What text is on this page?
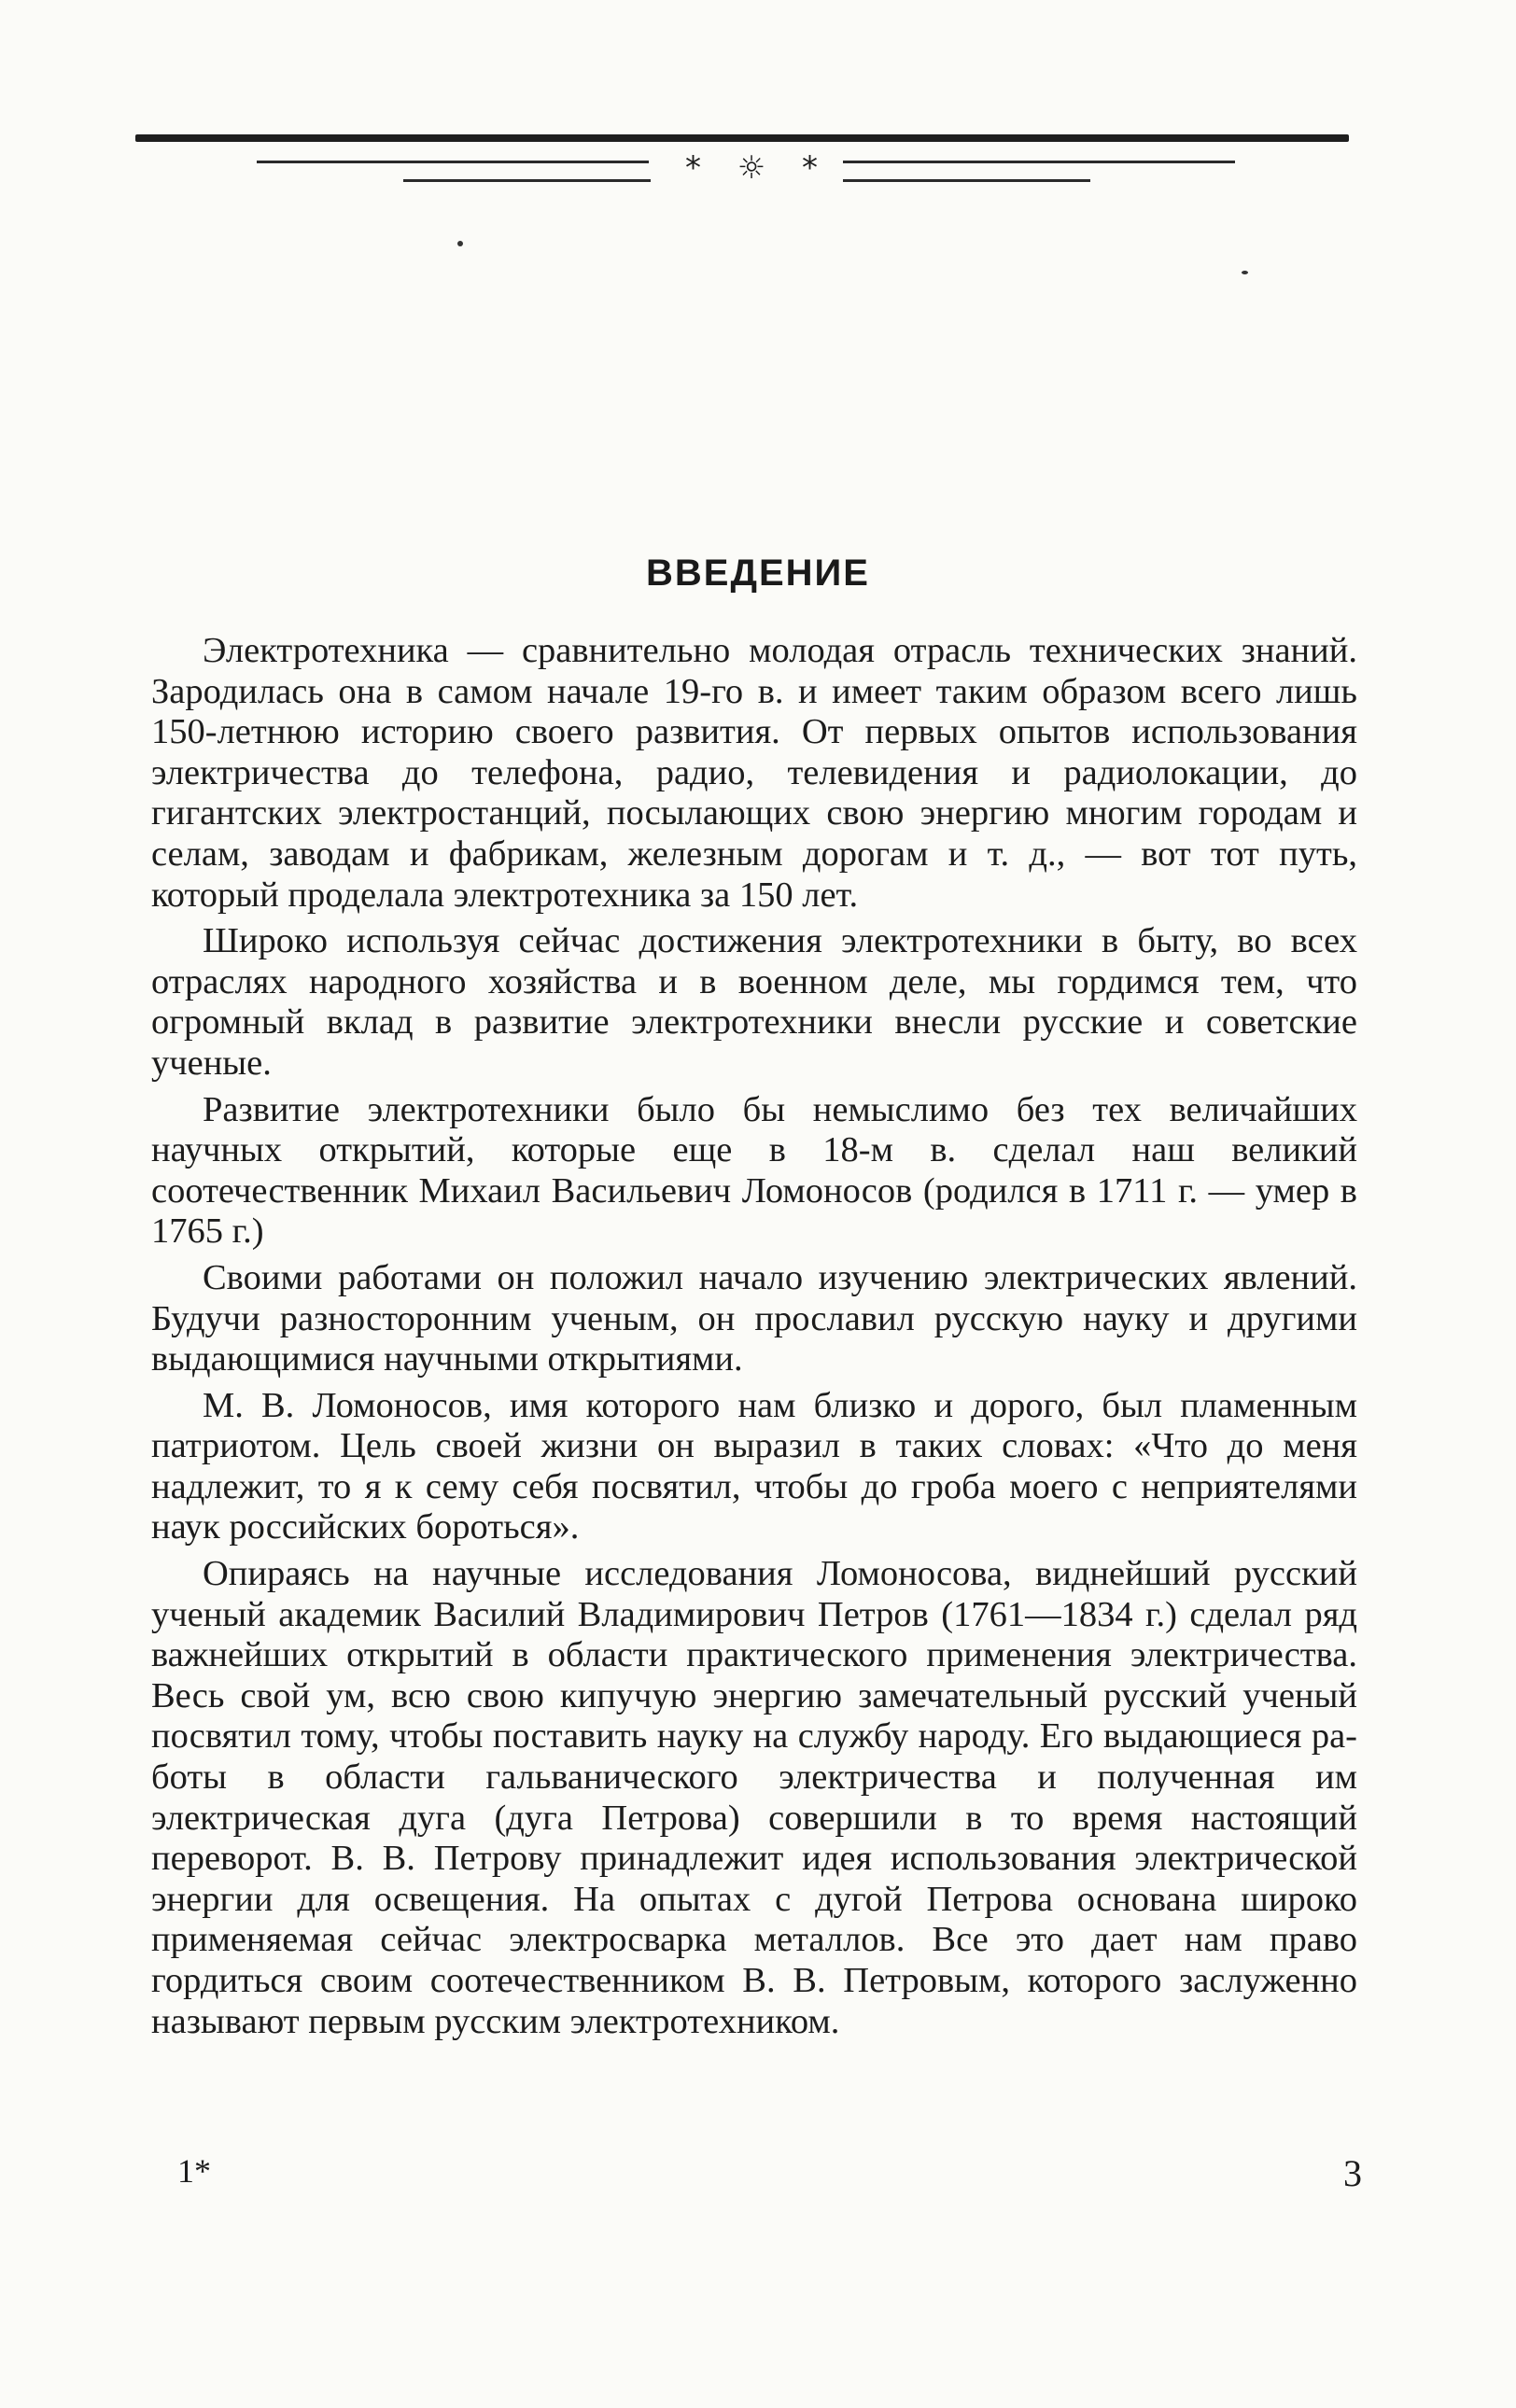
* ☼ *
ВВЕДЕНИЕ

Электротехника — сравнительно молодая отрасль технических знаний. Зародилась она в самом начале 19-го в. и имеет таким образом всего лишь 150-летнюю историю своего развития. От первых опытов использования электричества до телефона, радио, телевидения и радиолокации, до гигантских электростанций, посылающих свою энергию многим городам и селам, заводам и фабрикам, железным дорогам и т. д., — вот тот путь, который проделала электротехника за 150 лет.

Широко используя сейчас достижения электротехники в быту, во всех отраслях народного хозяйства и в военном деле, мы гордимся тем, что огромный вклад в развитие электротехники внесли русские и советские ученые.

Развитие электротехники было бы немыслимо без тех величайших научных открытий, которые еще в 18-м в. сделал наш великий соотечественник Михаил Васильевич Ломоносов (родился в 1711 г. — умер в 1765 г.)

Своими работами он положил начало изучению электрических явлений. Будучи разносторонним ученым, он прославил русскую науку и другими выдающимися научными открытиями.

М. В. Ломоносов, имя которого нам близко и дорого, был пламенным патриотом. Цель своей жизни он выразил в таких словах: «Что до меня надлежит, то я к сему себя посвятил, чтобы до гроба моего с неприятелями наук российских бороться».

Опираясь на научные исследования Ломоносова, виднейший русский ученый академик Василий Владимирович Петров (1761—1834 г.) сделал ряд важнейших открытий в области практического применения электричества. Весь свой ум, всю свою кипучую энергию замечательный русский ученый посвятил тому, чтобы поставить науку на службу народу. Его выдающиеся работы в области гальванического электричества и полученная им электрическая дуга (дуга Петрова) совершили в то время настоящий переворот. В. В. Петрову принадлежит идея использования электрической энергии для освещения. На опытах с дугой Петрова основана широко применяемая сейчас электросварка металлов. Все это дает нам право гордиться своим соотечественником В. В. Петровым, которого заслуженно называют первым русским электротехником.

1*	3
